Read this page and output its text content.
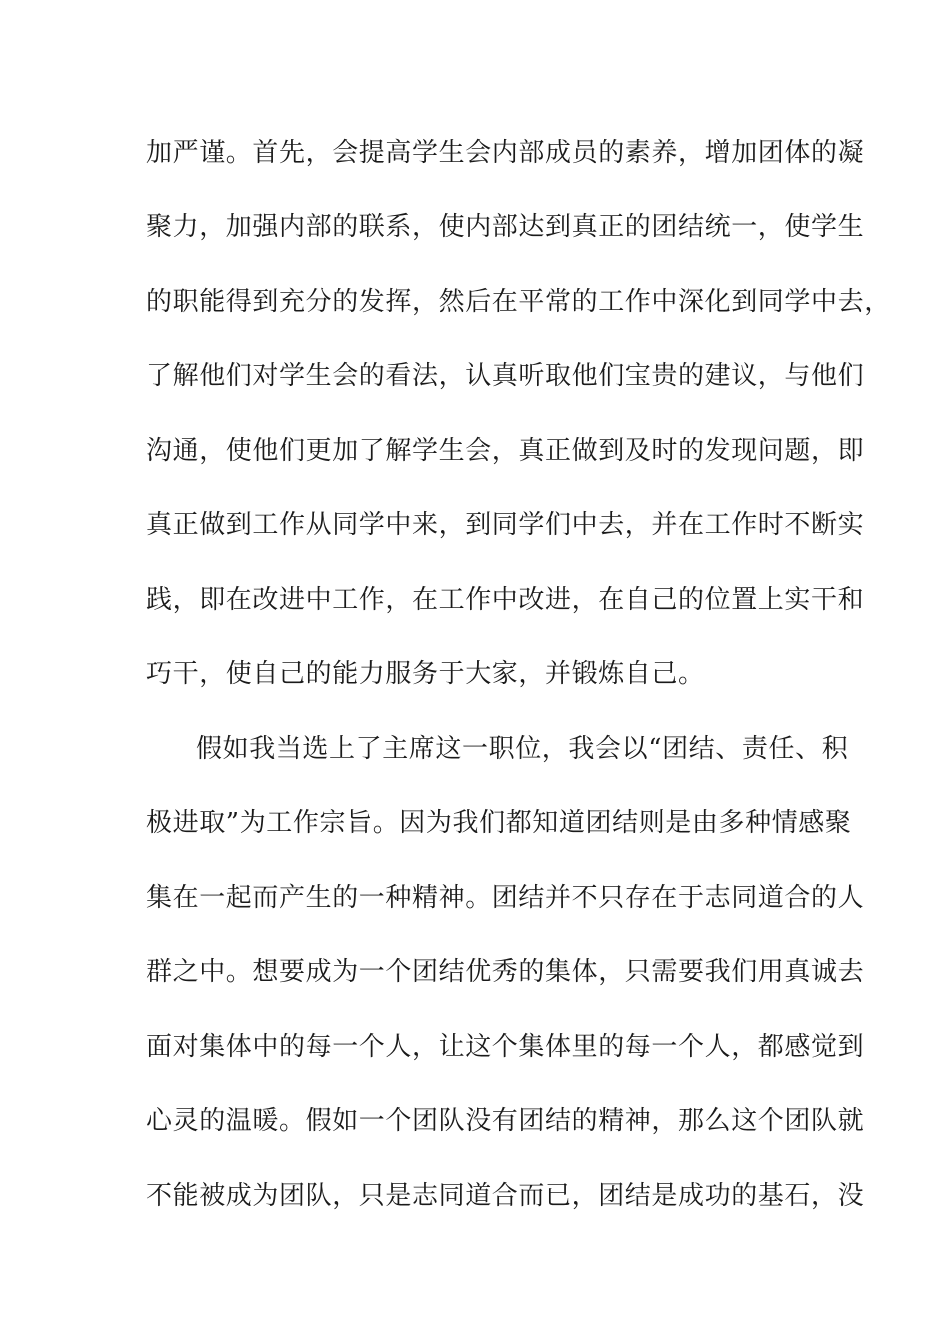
加严谨。首先，会提高学生会内部成员的素养，增加团体的凝

聚力，加强内部的联系，使内部达到真正的团结统一，使学生

的职能得到充分的发挥，然后在平常的工作中深化到同学中去，

了解他们对学生会的看法，认真听取他们宝贵的建议，与他们

沟通，使他们更加了解学生会，真正做到及时的发现问题，即

真正做到工作从同学中来，到同学们中去，并在工作时不断实

践，即在改进中工作，在工作中改进，在自己的位置上实干和

巧干，使自己的能力服务于大家，并锻炼自己。

假如我当选上了主席这一职位，我会以“团结、责任、积

极进取”为工作宗旨。因为我们都知道团结则是由多种情感聚

集在一起而产生的一种精神。团结并不只存在于志同道合的人

群之中。想要成为一个团结优秀的集体，只需要我们用真诚去

面对集体中的每一个人，让这个集体里的每一个人，都感觉到

心灵的温暖。假如一个团队没有团结的精神，那么这个团队就

不能被成为团队，只是志同道合而已，团结是成功的基石，没
